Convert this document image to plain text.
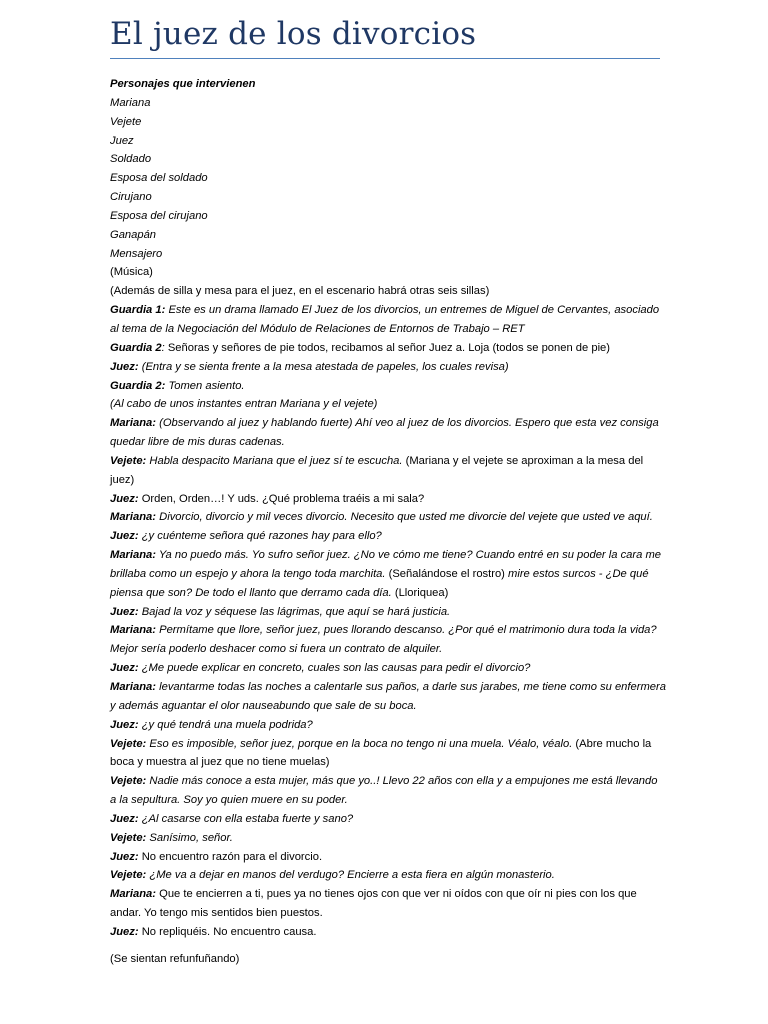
El juez de los divorcios

Personajes que intervienen

Mariana

Vejete

Juez

Soldado

Esposa del soldado

Cirujano

Esposa del cirujano

Ganapán

Mensajero

(Música)

(Además de silla y mesa para el juez, en el escenario habrá otras seis sillas)

Guardia 1: Este es un drama llamado El Juez de los divorcios, un entremes de Miguel de Cervantes, asociado al tema de la Negociación del Módulo de Relaciones de Entornos de Trabajo – RET

Guardia 2: Señoras y señores de pie todos, recibamos al señor Juez a. Loja (todos se ponen de pie)

Juez: (Entra y se sienta frente a la mesa atestada de papeles, los cuales revisa)

Guardia 2: Tomen asiento.

(Al cabo de unos instantes entran Mariana y el vejete)

Mariana: (Observando al juez y hablando fuerte) Ahí veo al juez de los divorcios. Espero que esta vez consiga quedar libre de mis duras cadenas.

Vejete: Habla despacito Mariana que el juez sí te escucha. (Mariana y el vejete se aproximan a la mesa del juez)

Juez: Orden, Orden…! Y uds. ¿Qué problema traéis a mi sala?

Mariana: Divorcio, divorcio y mil veces divorcio. Necesito que usted me divorcie del vejete que usted ve aquí.

Juez: ¿y cuénteme señora qué razones hay para ello?

Mariana: Ya no puedo más. Yo sufro señor juez. ¿No ve cómo me tiene? Cuando entré en su poder la cara me brillaba como un espejo y ahora la tengo toda marchita. (Señalándose el rostro) mire estos surcos - ¿De qué piensa que son? De todo el llanto que derramo cada día. (Lloriquea)

Juez: Bajad la voz y séquese las lágrimas, que aquí se hará justicia.

Mariana: Permítame que llore, señor juez, pues llorando descanso. ¿Por qué el matrimonio dura toda la vida? Mejor sería poderlo deshacer como si fuera un contrato de alquiler.

Juez: ¿Me puede explicar en concreto, cuales son las causas para pedir el divorcio?

Mariana: levantarme todas las noches a calentarle sus paños, a darle sus jarabes, me tiene como su enfermera y además aguantar el olor nauseabundo que sale de su boca.

Juez: ¿y qué tendrá una muela podrida?

Vejete: Eso es imposible, señor juez, porque en la boca no tengo ni una muela. Véalo, véalo. (Abre mucho la boca y muestra al juez que no tiene muelas)

Vejete: Nadie más conoce a esta mujer, más que yo..! Llevo 22 años con ella y a empujones me está llevando a la sepultura. Soy yo quien muere en su poder.

Juez: ¿Al casarse con ella estaba fuerte y sano?

Vejete: Sanísimo, señor.

Juez: No encuentro razón para el divorcio.

Vejete: ¿Me va a dejar en manos del verdugo? Encierre a esta fiera en algún monasterio.

Mariana: Que te encierren a ti, pues ya no tienes ojos con que ver ni oídos con que oír ni pies con los que andar. Yo tengo mis sentidos bien puestos.

Juez: No repliquéis. No encuentro causa.

(Se sientan refunfuñando)
